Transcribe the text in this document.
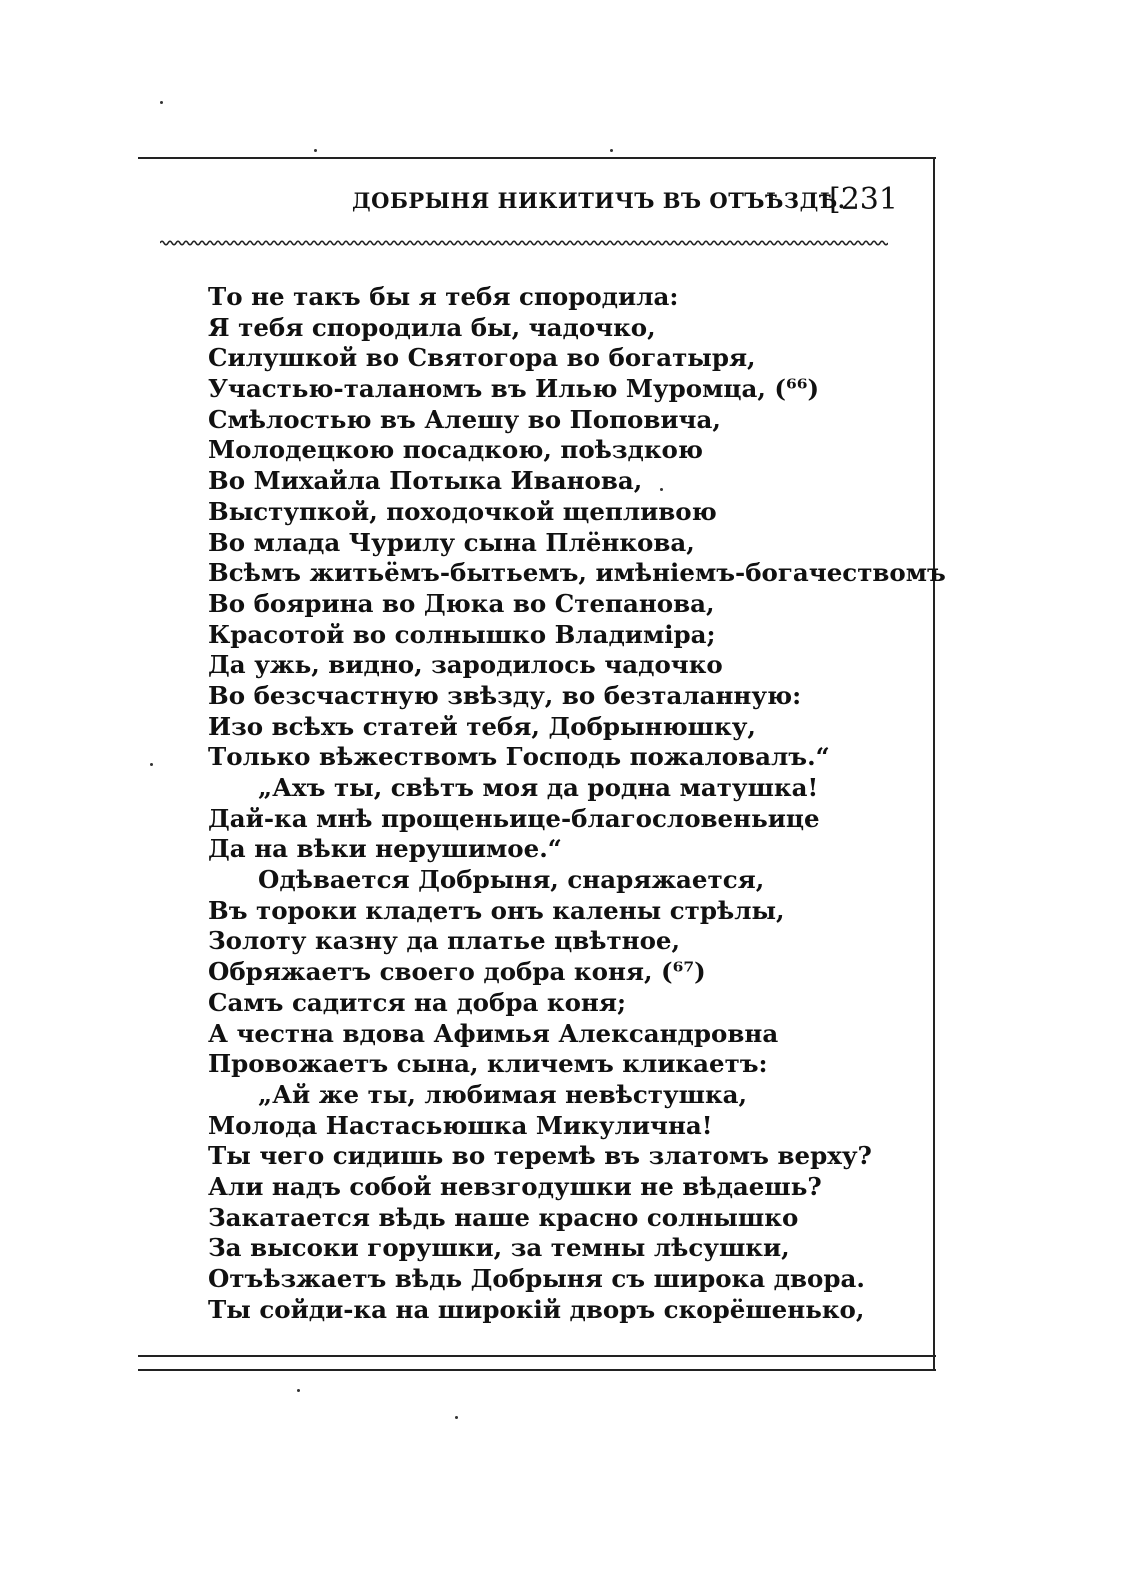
ДОБРЫНЯ НИКИТИЧЪ ВЪ ОТЪѢЗДѢ.
[231
То не такъ бы я тебя спородила:
Я тебя спородила бы, чадочко,
Силушкой во Святогора во богатыря,
Участью-таланомъ въ Илью Муромца, (⁶⁶)
Смѣлостью въ Алешу во Поповича,
Молодецкою посадкою, поѣздкою
Во Михайла Потыка Иванова,
Выступкой, походочкой щепливою
Во млада Чурилу сына Плёнкова,
Всѣмъ житьёмъ-бытьемъ, имѣніемъ-богачествомъ
Во боярина во Дюка во Степанова,
Красотой во солнышко Владиміра;
Да ужь, видно, зародилось чадочко
Во безсчастную звѣзду, во безталанную:
Изо всѣхъ статей тебя, Добрынюшку,
Только вѣжествомъ Господь пожаловалъ.“
„Ахъ ты, свѣтъ моя да родна матушка!
Дай-ка мнѣ прощеньице-благословеньице
Да на вѣки нерушимое.“
Одѣвается Добрыня, снаряжается,
Въ тороки кладетъ онъ калены стрѣлы,
Золоту казну да платье цвѣтное,
Обряжаетъ своего добра коня, (⁶⁷)
Самъ садится на добра коня;
А честна вдова Афимья Александровна
Провожаетъ сына, кличемъ кликаетъ:
„Ай же ты, любимая невѣстушка,
Молода Настасьюшка Микулична!
Ты чего сидишь во теремѣ въ златомъ верху?
Али надъ собой невзгодушки не вѣдаешь?
Закатается вѣдь наше красно солнышко
За высоки горушки, за темны лѣсушки,
Отъѣзжаетъ вѣдь Добрыня съ широка двора.
Ты сойди-ка на широкій дворъ скорёшенько,
